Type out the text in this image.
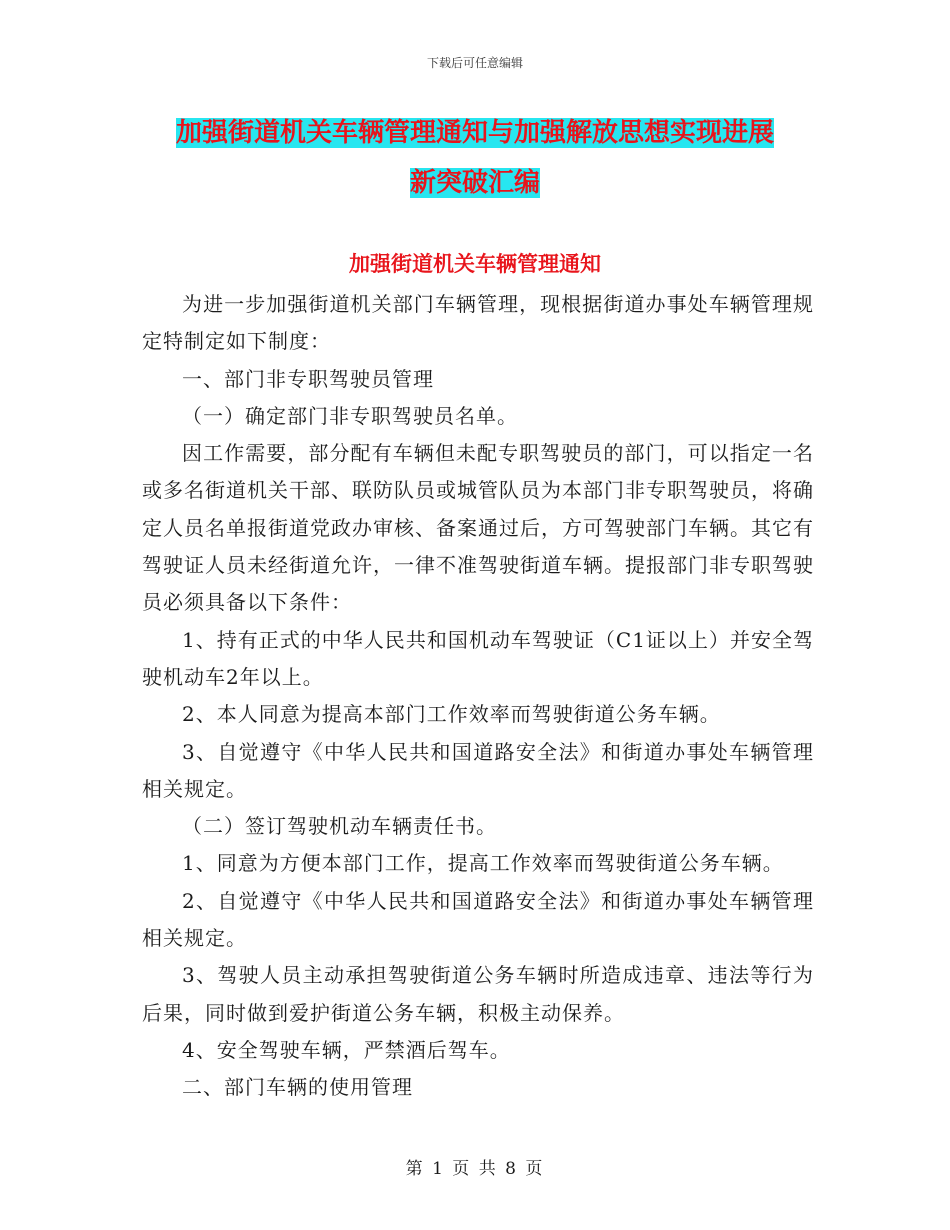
下载后可任意编辑
加强街道机关车辆管理通知与加强解放思想实现进展
新突破汇编
加强街道机关车辆管理通知

为进一步加强街道机关部门车辆管理，现根据街道办事处车辆管理规定特制定如下制度：

一、部门非专职驾驶员管理

（一）确定部门非专职驾驶员名单。

因工作需要，部分配有车辆但未配专职驾驶员的部门，可以指定一名或多名街道机关干部、联防队员或城管队员为本部门非专职驾驶员，将确定人员名单报街道党政办审核、备案通过后，方可驾驶部门车辆。其它有驾驶证人员未经街道允许，一律不准驾驶街道车辆。提报部门非专职驾驶员必须具备以下条件：

1、持有正式的中华人民共和国机动车驾驶证（C1证以上）并安全驾驶机动车2年以上。

2、本人同意为提高本部门工作效率而驾驶街道公务车辆。

3、自觉遵守《中华人民共和国道路安全法》和街道办事处车辆管理相关规定。

（二）签订驾驶机动车辆责任书。

1、同意为方便本部门工作，提高工作效率而驾驶街道公务车辆。

2、自觉遵守《中华人民共和国道路安全法》和街道办事处车辆管理相关规定。

3、驾驶人员主动承担驾驶街道公务车辆时所造成违章、违法等行为后果，同时做到爱护街道公务车辆，积极主动保养。

4、安全驾驶车辆，严禁酒后驾车。

二、部门车辆的使用管理

第 1 页 共 8 页
